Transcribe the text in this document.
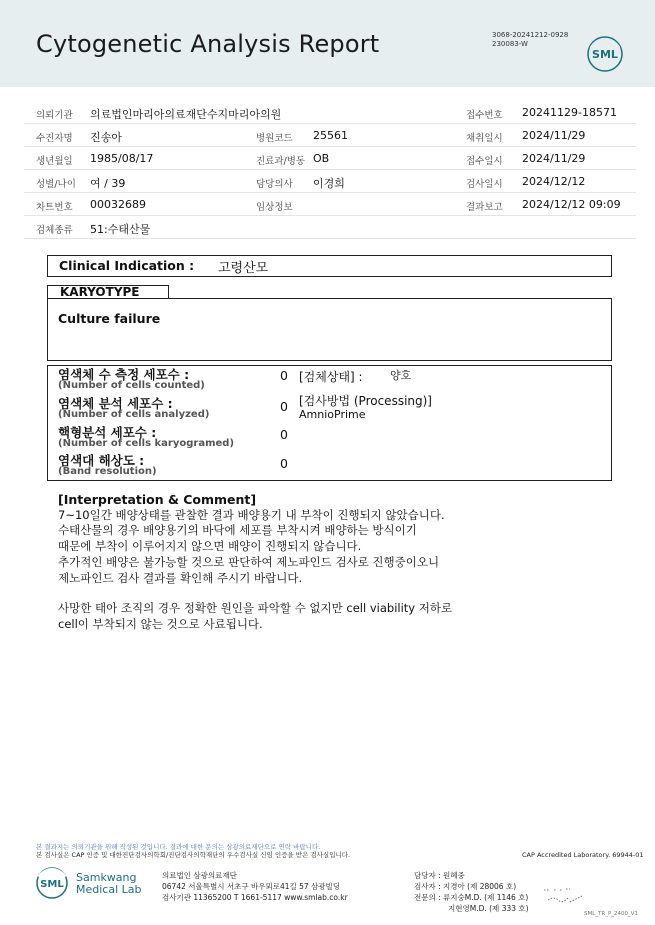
Cytogenetic Analysis Report	3068-20241212-0928
230083-W
SML
의뢰기관 의료법인마리아의료재단수지마리아의원	접수번호 20241129-18571
수진자명 진송아	병원코드 25561	채취일시 2024/11/29
생년월일 1985/08/17	진료과/병동 OB	접수일시 2024/11/29
성별/나이 여 / 39	담당의사 이경희	검사일시 2024/12/12
차트번호 00032689	임상정보	결과보고 2024/12/12 09:09
검체종류 51:수태산물
Clinical Indication : 고령산모
KARYOTYPE
Culture failure
염색체 수 측정 세포수 :
(Number of cells counted)
0
염색체 분석 세포수 :
(Number of cells analyzed)
0
핵형분석 세포수 :
(Number of cells karyogramed)
0
염색대 해상도 :
(Band resolution)
0
[검체상태] : 양호
[검사방법 (Processing)]
AmnioPrime
[Interpretation & Comment]
7~10일간 배양상태를 관찰한 결과 배양용기 내 부착이 진행되지 않았습니다.
수태산물의 경우 배양용기의 바닥에 세포를 부착시켜 배양하는 방식이기
때문에 부착이 이루어지지 않으면 배양이 진행되지 않습니다.
추가적인 배양은 불가능할 것으로 판단하여 제노파인드 검사로 진행중이오니
제노파인드 검사 결과를 확인해 주시기 바랍니다.
사망한 태아 조직의 경우 정확한 원인을 파악할 수 없지만 cell viability 저하로
cell이 부착되지 않는 것으로 사료됩니다.
본 결과지는 의뢰기관을 위해 작성된 것입니다. 결과에 대한 문의는 삼광의료재단으로 연락 바랍니다.
본 검사실은 CAP 인증 및 대한진단검사의학회/진단검사의학재단의 우수검사실 신임 인증을 받은 검사실입니다.	CAP Accredited Laboratory. 69944-01
SML
Samkwang
Medical Lab
의료법인 삼광의료재단
06742 서울특별시 서초구 바우뫼로41길 57 삼광빌딩
검사기관 11365200 T 1661-5117 www.smlab.co.kr
담당자 : 원혜중
검사자 : 지경아 (제 28006 호)
전문의 : 류지숭M.D. (제 1146 호)
지현영M.D. (제 333 호)
SML_TR_P_2400_V1
